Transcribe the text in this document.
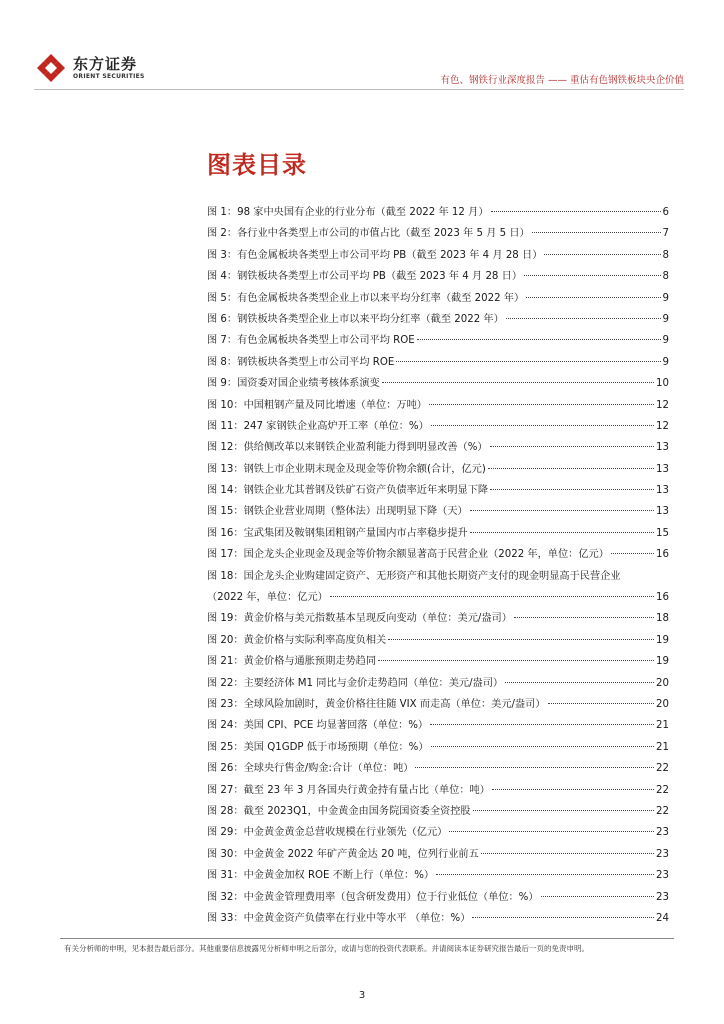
东方证券
ORIENT SECURITIES	有色、钢铁行业深度报告 —— 重估有色钢铁板块央企价值
图表目录
图 1：98 家中央国有企业的行业分布（截至 2022 年 12 月）	6
图 2：各行业中各类型上市公司的市值占比（截至 2023 年 5 月 5 日）	7
图 3：有色金属板块各类型上市公司平均 PB（截至 2023 年 4 月 28 日）	8
图 4：钢铁板块各类型上市公司平均 PB（截至 2023 年 4 月 28 日）	8
图 5：有色金属板块各类型企业上市以来平均分红率（截至 2022 年）	9
图 6：钢铁板块各类型企业上市以来平均分红率（截至 2022 年）	9
图 7：有色金属板块各类型上市公司平均 ROE	9
图 8：钢铁板块各类型上市公司平均 ROE	9
图 9：国资委对国企业绩考核体系演变	10
图 10：中国粗钢产量及同比增速（单位：万吨）	12
图 11：247 家钢铁企业高炉开工率（单位：%）	12
图 12：供给侧改革以来钢铁企业盈利能力得到明显改善（%）	13
图 13：钢铁上市企业期末现金及现金等价物余额(合计，亿元)	13
图 14：钢铁企业尤其普钢及铁矿石资产负债率近年来明显下降	13
图 15：钢铁企业营业周期（整体法）出现明显下降（天）	13
图 16：宝武集团及鞍钢集团粗钢产量国内市占率稳步提升	15
图 17：国企龙头企业现金及现金等价物余额显著高于民营企业（2022 年，单位：亿元）	16
图 18：国企龙头企业购建固定资产、无形资产和其他长期资产支付的现金明显高于民营企业
（2022 年，单位：亿元）	16
图 19：黄金价格与美元指数基本呈现反向变动（单位：美元/盎司）	18
图 20：黄金价格与实际利率高度负相关	19
图 21：黄金价格与通胀预期走势趋同	19
图 22：主要经济体 M1 同比与金价走势趋同（单位：美元/盎司）	20
图 23：全球风险加剧时，黄金价格往往随 VIX 而走高（单位：美元/盎司）	20
图 24：美国 CPI、PCE 均显著回落（单位：%）	21
图 25：美国 Q1GDP 低于市场预期（单位：%）	21
图 26：全球央行售金/购金:合计（单位：吨）	22
图 27：截至 23 年 3 月各国央行黄金持有量占比（单位：吨）	22
图 28：截至 2023Q1，中金黄金由国务院国资委全资控股	22
图 29：中金黄金黄金总营收规模在行业领先（亿元）	23
图 30：中金黄金 2022 年矿产黄金达 20 吨，位列行业前五	23
图 31：中金黄金加权 ROE 不断上行（单位：%）	23
图 32：中金黄金管理费用率（包含研发费用）位于行业低位（单位：%）	23
图 33：中金黄金资产负债率在行业中等水平 （单位：%）	24
有关分析师的申明，见本报告最后部分。其他重要信息披露见分析师申明之后部分，或请与您的投资代表联系。并请阅读本证券研究报告最后一页的免责申明。
3
